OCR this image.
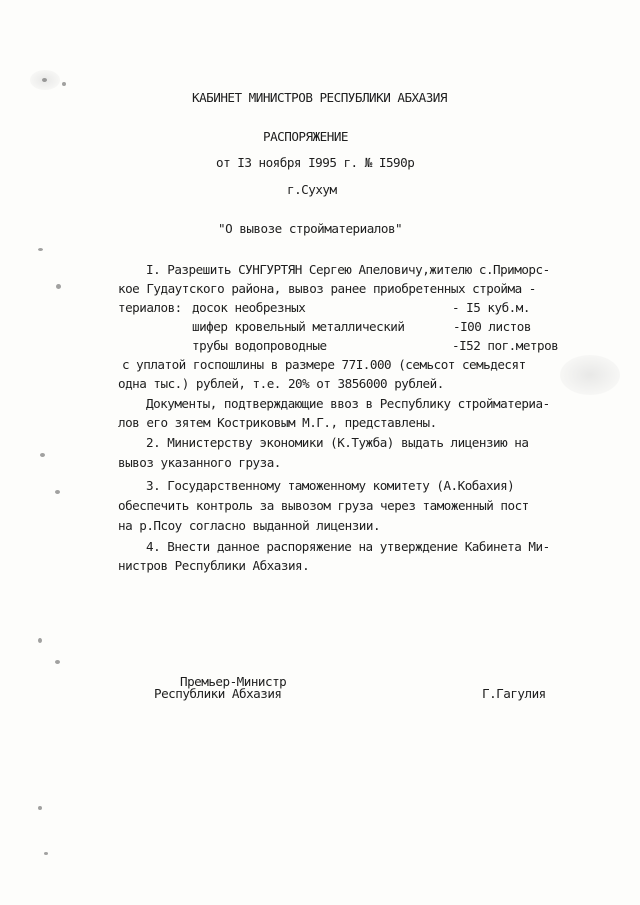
КАБИНЕТ МИНИСТРОВ РЕСПУБЛИКИ АБХАЗИЯ
РАСПОРЯЖЕНИЕ
от I3 ноября I995 г. № I590р
г.Сухум
"О вывозе стройматериалов"
I. Разрешить СУНГУРТЯН Сергею Апеловичу,жителю с.Приморс-
кое Гудаутского района, вывоз ранее приобретенных стройма -
териалов: досок необрезных	- I5 куб.м.
шифер кровельный металлический	-I00 листов
трубы водопроводные	-I52 пог.метров
с уплатой госпошлины в размере 77I.000 (семьсот семьдесят
одна тыс.) рублей, т.е. 20% от 3856000 рублей.
Документы, подтверждающие ввоз в Республику стройматериа-
лов его зятем Костриковым М.Г., представлены.
2. Министерству экономики (К.Тужба) выдать лицензию на
вывоз указанного груза.
3. Государственному таможенному комитету (А.Кобахия)
обеспечить контроль за вывозом груза через таможенный пост
на р.Псоу согласно выданной лицензии.
4. Внести данное распоряжение на утверждение Кабинета Ми-
нистров Республики Абхазия.
Премьер-Министр
Республики Абхазия	Г.Гагулия
